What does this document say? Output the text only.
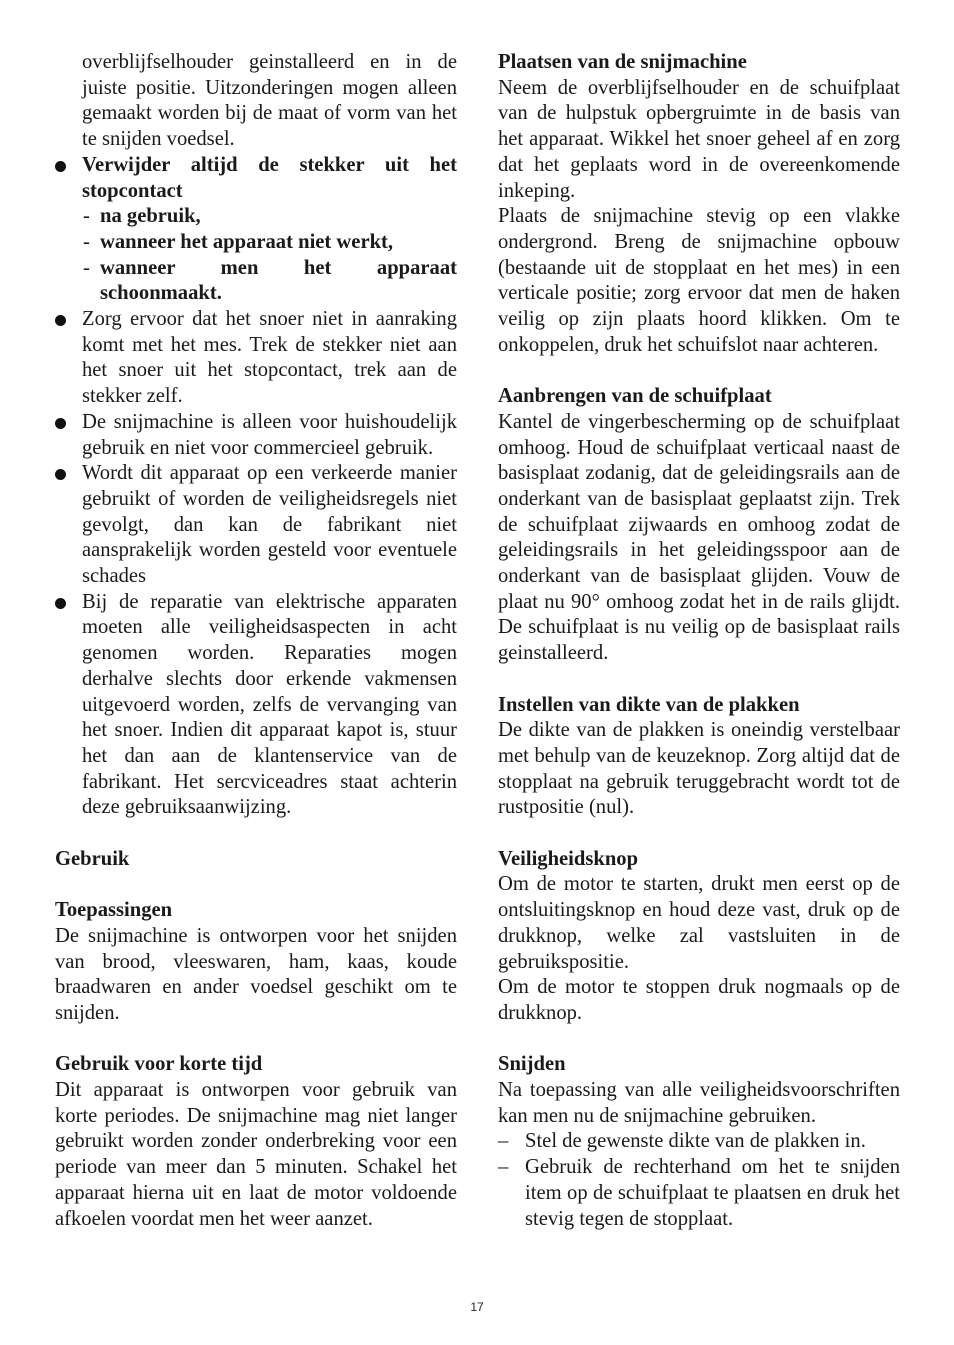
overblijfselhouder geinstalleerd en in de juiste positie. Uitzonderingen mogen alleen gemaakt worden bij de maat of vorm van het te snijden voedsel.

Verwijder altijd de stekker uit het stopcontact
- na gebruik,
- wanneer het apparaat niet werkt,
- wanneer men het apparaat schoonmaakt.
Zorg ervoor dat het snoer niet in aanraking komt met het mes. Trek de stekker niet aan het snoer uit het stopcontact, trek aan de stekker zelf.
De snijmachine is alleen voor huishoudelijk gebruik en niet voor commercieel gebruik.
Wordt dit apparaat op een verkeerde manier gebruikt of worden de veiligheidsregels niet gevolgt, dan kan de fabrikant niet aansprakelijk worden gesteld voor eventuele schades
Bij de reparatie van elektrische apparaten moeten alle veiligheidsaspecten in acht genomen worden. Reparaties mogen derhalve slechts door erkende vakmensen uitgevoerd worden, zelfs de vervanging van het snoer. Indien dit apparaat kapot is, stuur het dan aan de klantenservice van de fabrikant. Het sercviceadres staat achterin deze gebruiksaanwijzing.

Gebruik

Toepassingen

De snijmachine is ontworpen voor het snijden van brood, vleeswaren, ham, kaas, koude braadwaren en ander voedsel geschikt om te snijden.

Gebruik voor korte tijd

Dit apparaat is ontworpen voor gebruik van korte periodes. De snijmachine mag niet langer gebruikt worden zonder onderbreking voor een periode van meer dan 5 minuten. Schakel het apparaat hierna uit en laat de motor voldoende afkoelen voordat men het weer aanzet.

Plaatsen van de snijmachine

Neem de overblijfselhouder en de schuifplaat van de hulpstuk opbergruimte in de basis van het apparaat. Wikkel het snoer geheel af en zorg dat het geplaats word in de overeenkomende inkeping.

Plaats de snijmachine stevig op een vlakke ondergrond. Breng de snijmachine opbouw (bestaande uit de stopplaat en het mes) in een verticale positie; zorg ervoor dat men de haken veilig op zijn plaats hoord klikken. Om te onkoppelen, druk het schuifslot naar achteren.

Aanbrengen van de schuifplaat

Kantel de vingerbescherming op de schuifplaat omhoog. Houd de schuifplaat verticaal naast de basisplaat zodanig, dat de geleidingsrails aan de onderkant van de basisplaat geplaatst zijn. Trek de schuifplaat zijwaards en omhoog zodat de geleidingsrails in het geleidingsspoor aan de onderkant van de basisplaat glijden. Vouw de plaat nu 90° omhoog zodat het in de rails glijdt. De schuifplaat is nu veilig op de basisplaat rails geinstalleerd.

Instellen van dikte van de plakken

De dikte van de plakken is oneindig verstelbaar met behulp van de keuzeknop. Zorg altijd dat de stopplaat na gebruik teruggebracht wordt tot de rustpositie (nul).

Veiligheidsknop

Om de motor te starten, drukt men eerst op de ontsluitingsknop en houd deze vast, druk op de drukknop, welke zal vastsluiten in de gebruikspositie.

Om de motor te stoppen druk nogmaals op de drukknop.

Snijden

Na toepassing van alle veiligheidsvoorschriften kan men nu de snijmachine gebruiken.

– Stel de gewenste dikte van de plakken in.
– Gebruik de rechterhand om het te snijden item op de schuifplaat te plaatsen en druk het stevig tegen de stopplaat.
17
